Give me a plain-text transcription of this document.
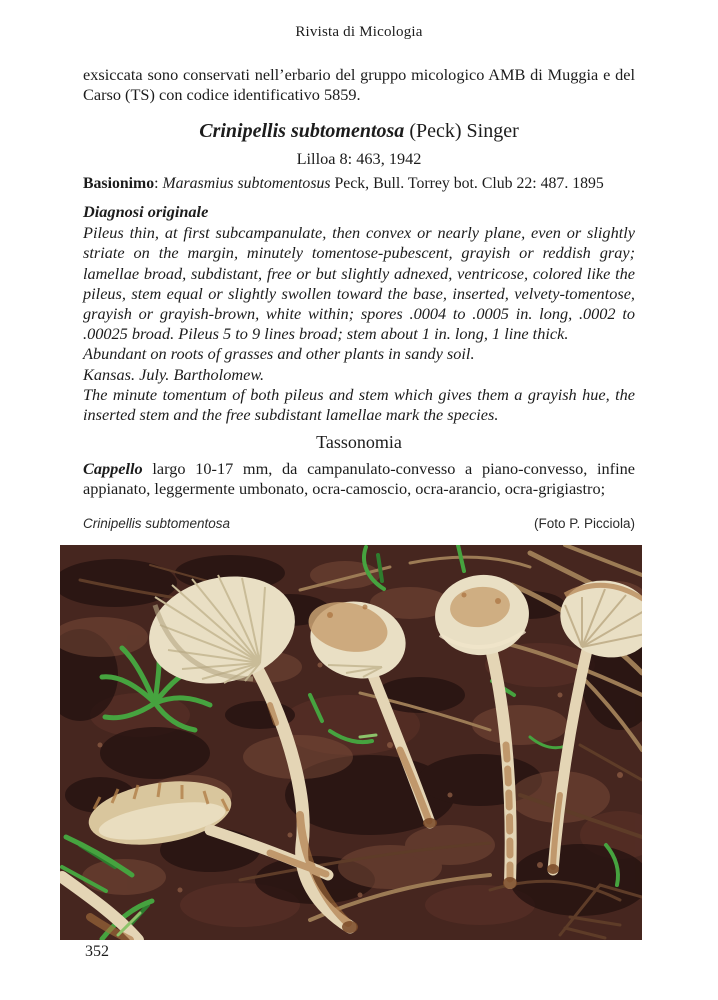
Rivista di Micologia
exsiccata sono conservati nell’erbario del gruppo micologico AMB di Muggia e del Carso (TS) con codice identificativo 5859.
Crinipellis subtomentosa (Peck) Singer
Lilloa 8: 463, 1942
Basionimo: Marasmius subtomentosus Peck, Bull. Torrey bot. Club 22: 487. 1895
Diagnosi originale

Pileus thin, at first subcampanulate, then convex or nearly plane, even or slightly striate on the margin, minutely tomentose-pubescent, grayish or reddish gray; lamellae broad, subdistant, free or but slightly adnexed, ventricose, colored like the pileus, stem equal or slightly swollen toward the base, inserted, velvety-tomentose, grayish or grayish-brown, white within; spores .0004 to .0005 in. long, .0002 to .00025 broad. Pileus 5 to 9 lines broad; stem about 1 in. long, 1 line thick.

Abundant on roots of grasses and other plants in sandy soil.

Kansas. July. Bartholomew.

The minute tomentum of both pileus and stem which gives them a grayish hue, the inserted stem and the free subdistant lamellae mark the species.

Tassonomia
Cappello largo 10-17 mm, da campanulato-convesso a piano-convesso, infine appianato, leggermente umbonato, ocra-camoscio, ocra-arancio, ocra-grigiastro;
Crinipellis subtomentosa	(Foto P. Picciola)
352
